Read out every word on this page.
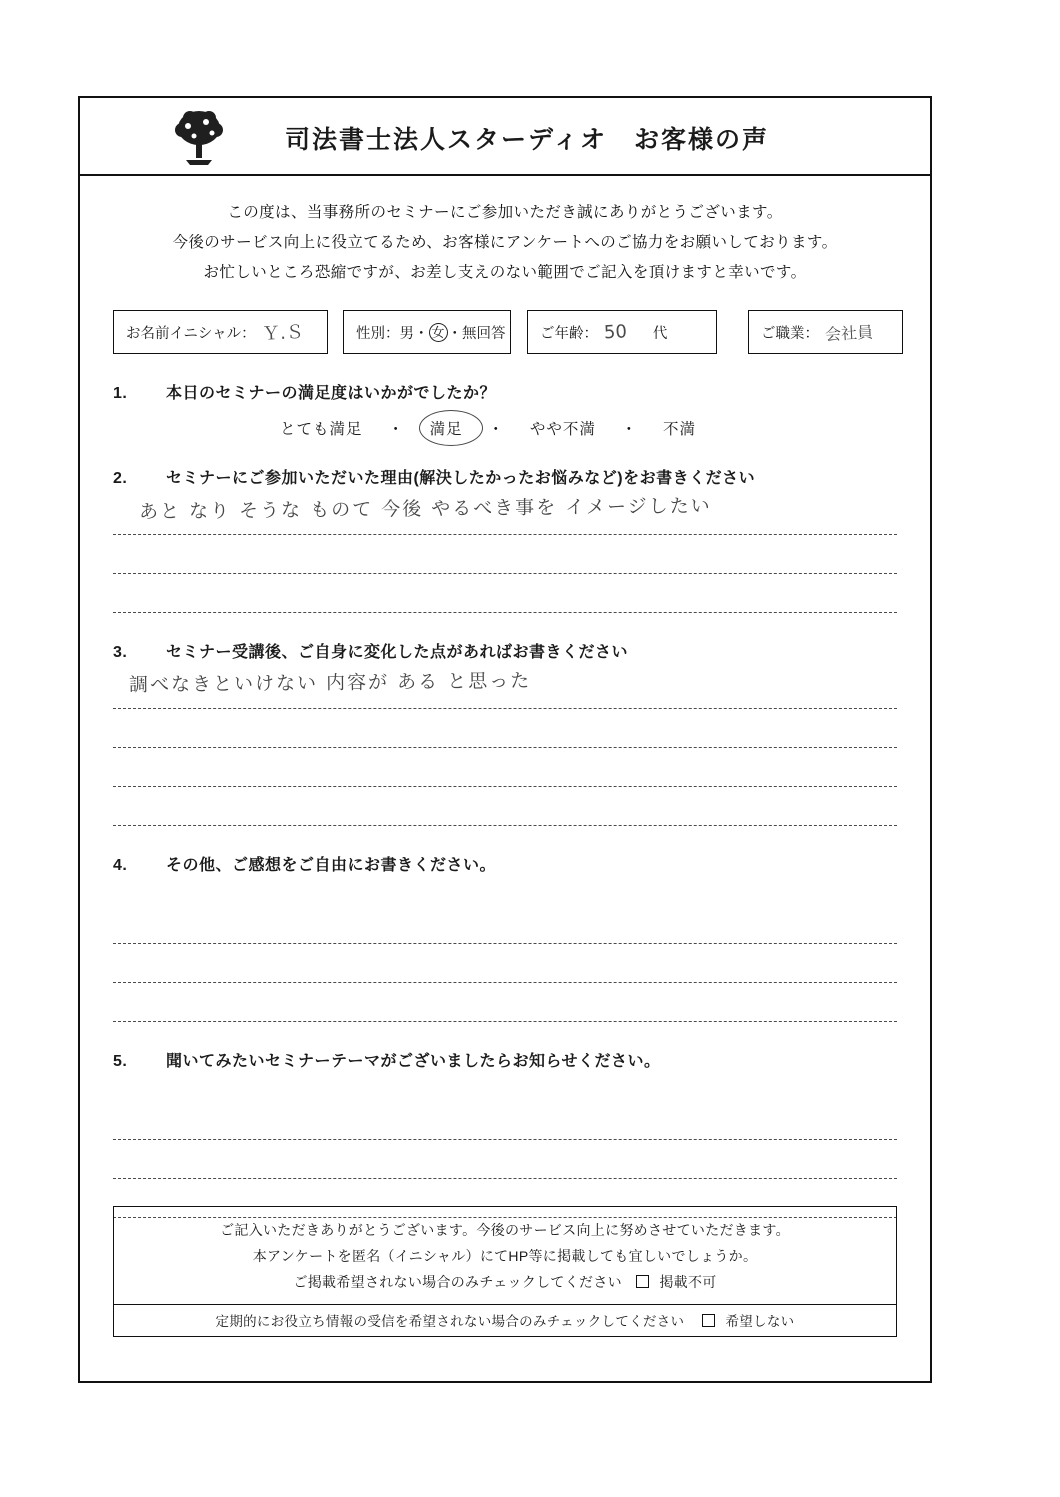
司法書士法人スターディオ　お客様の声
この度は、当事務所のセミナーにご参加いただき誠にありがとうございます。
今後のサービス向上に役立てるため、お客様にアンケートへのご協力をお願いしております。
お忙しいところ恐縮ですが、お差し支えのない範囲でご記入を頂けますと幸いです。
お名前イニシャル： Ｙ.Ｓ	性別： 男 ・ 女 ・ 無回答 ご年齢： 50 代	ご職業： 会社員
1. 本日のセミナーの満足度はいかがでしたか？
とても満足 ・ 満足 ・ やや不満 ・ 不満
2. セミナーにご参加いただいた理由(解決したかったお悩みなど)をお書きください
あと なり そうな ものて 今後 やるべき事を イメージしたい
3. セミナー受講後、ご自身に変化した点があればお書きください
調べなきといけない 内容が ある と思った
4. その他、ご感想をご自由にお書きください。
5. 聞いてみたいセミナーテーマがございましたらお知らせください。
ご記入いただきありがとうございます。今後のサービス向上に努めさせていただきます。
本アンケートを匿名（イニシャル）にてHP等に掲載しても宜しいでしょうか。
ご掲載希望されない場合のみチェックしてください	掲載不可
定期的にお役立ち情報の受信を希望されない場合のみチェックしてください	希望しない
